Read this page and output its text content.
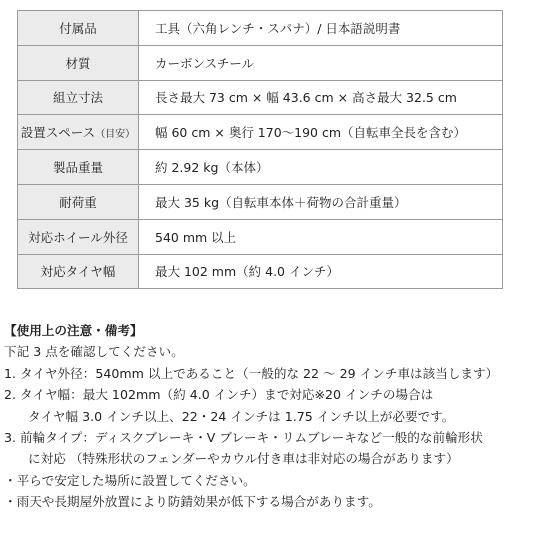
付属品	工具（六角レンチ・スパナ）/ 日本語説明書
材質	カーボンスチール
組立寸法	長さ最大 73 cm × 幅 43.6 cm × 高さ最大 32.5 cm
設置スペース（目安）	幅 60 cm × 奥行 170〜190 cm（自転車全長を含む）
製品重量	約 2.92 kg（本体）
耐荷重	最大 35 kg（自転車本体＋荷物の合計重量）
対応ホイール外径	540 mm 以上
対応タイヤ幅	最大 102 mm（約 4.0 インチ）
【使用上の注意・備考】
下記 3 点を確認してください。
1. タイヤ外径：540mm 以上であること（一般的な 22 〜 29 インチ車は該当します）
2. タイヤ幅：最大 102mm（約 4.0 インチ）まで対応※20 インチの場合は
タイヤ幅 3.0 インチ以上、22・24 インチは 1.75 インチ以上が必要です。
3. 前輪タイプ：ディスクブレーキ・V ブレーキ・リムブレーキなど一般的な前輪形状
に対応 （特殊形状のフェンダーやカウル付き車は非対応の場合があります）
・平らで安定した場所に設置してください。
・雨天や長期屋外放置により防錆効果が低下する場合があります。
